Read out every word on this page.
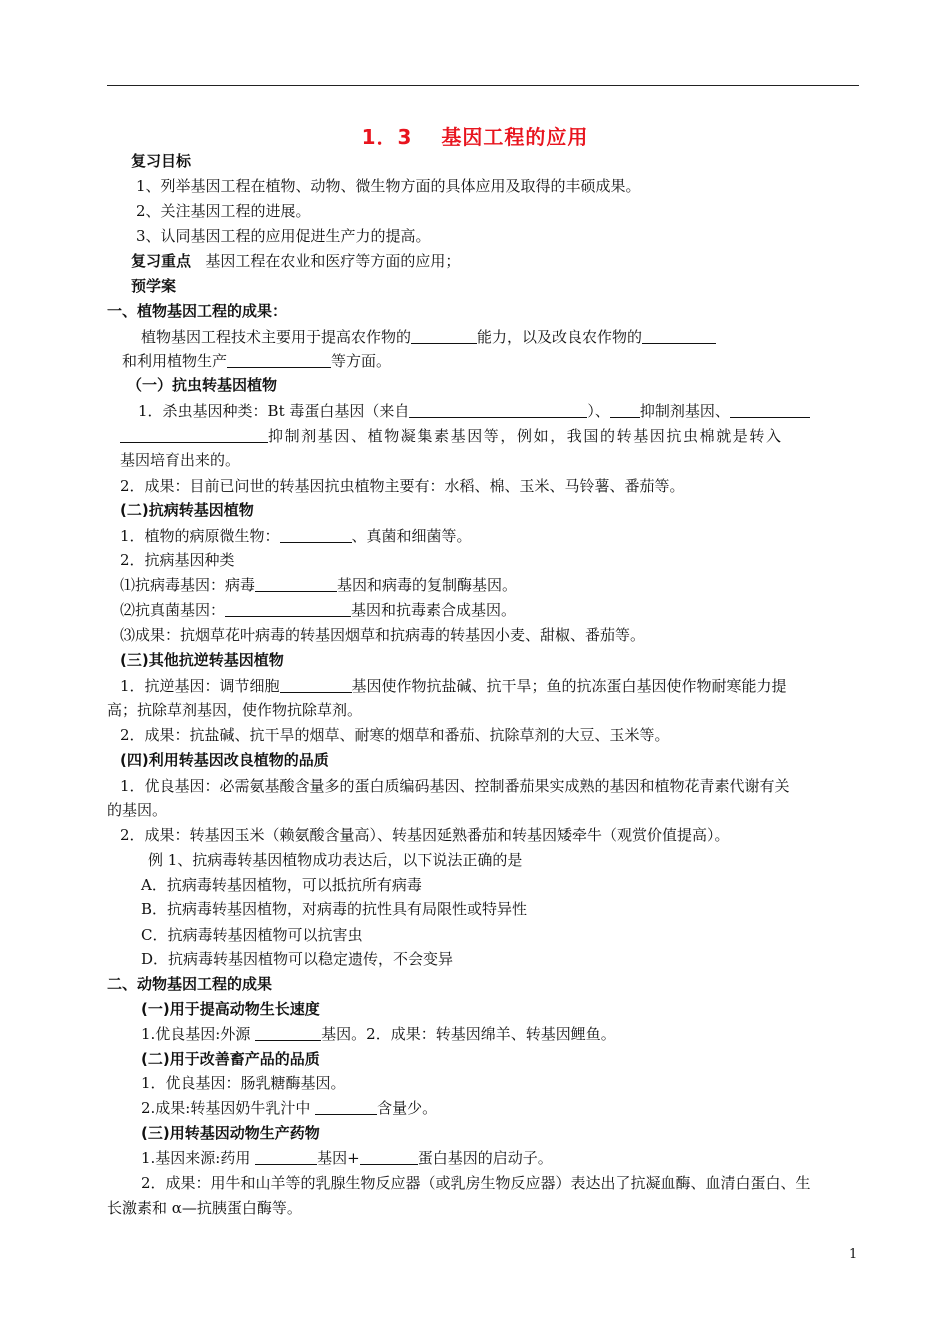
1．3　 基因工程的应用
复习目标
1、列举基因工程在植物、动物、微生物方面的具体应用及取得的丰硕成果。
2、关注基因工程的进展。
3、认同基因工程的应用促进生产力的提高。
复习重点 基因工程在农业和医疗等方面的应用；
预学案
一、植物基因工程的成果：
植物基因工程技术主要用于提高农作物的	能力，以及改良农作物的
和利用植物生产	等方面。
（一）抗虫转基因植物
1．杀虫基因种类：Bt 毒蛋白基因（来自	）、 抑制剂基因、
抑制剂基因、植物凝集素基因等，例如，我国的转基因抗虫棉就是转入
基因培育出来的。
2．成果：目前已问世的转基因抗虫植物主要有：水稻、棉、玉米、马铃薯、番茄等。
(二)抗病转基因植物
1．植物的病原微生物：	、真菌和细菌等。
2．抗病基因种类
⑴抗病毒基因：病毒	基因和病毒的复制酶基因。
⑵抗真菌基因：	基因和抗毒素合成基因。
⑶成果：抗烟草花叶病毒的转基因烟草和抗病毒的转基因小麦、甜椒、番茄等。
(三)其他抗逆转基因植物
1．抗逆基因：调节细胞	基因使作物抗盐碱、抗干旱；鱼的抗冻蛋白基因使作物耐寒能力提
高；抗除草剂基因，使作物抗除草剂。
2．成果：抗盐碱、抗干旱的烟草、耐寒的烟草和番茄、抗除草剂的大豆、玉米等。
(四)利用转基因改良植物的品质
1．优良基因：必需氨基酸含量多的蛋白质编码基因、控制番茄果实成熟的基因和植物花青素代谢有关
的基因。
2．成果：转基因玉米（赖氨酸含量高）、转基因延熟番茄和转基因矮牵牛（观赏价值提高）。
例 1、抗病毒转基因植物成功表达后，以下说法正确的是
A．抗病毒转基因植物，可以抵抗所有病毒
B．抗病毒转基因植物，对病毒的抗性具有局限性或特异性
C．抗病毒转基因植物可以抗害虫
D．抗病毒转基因植物可以稳定遗传，不会变异
二、动物基因工程的成果
(一)用于提高动物生长速度
1.优良基因:外源	基因。2．成果：转基因绵羊、转基因鲤鱼。
(二)用于改善畜产品的品质
1．优良基因：肠乳糖酶基因。
2.成果:转基因奶牛乳汁中	含量少。
(三)用转基因动物生产药物
1.基因来源:药用	基因+	蛋白基因的启动子。
2．成果：用牛和山羊等的乳腺生物反应器（或乳房生物反应器）表达出了抗凝血酶、血清白蛋白、生
长激素和 α—抗胰蛋白酶等。
1
